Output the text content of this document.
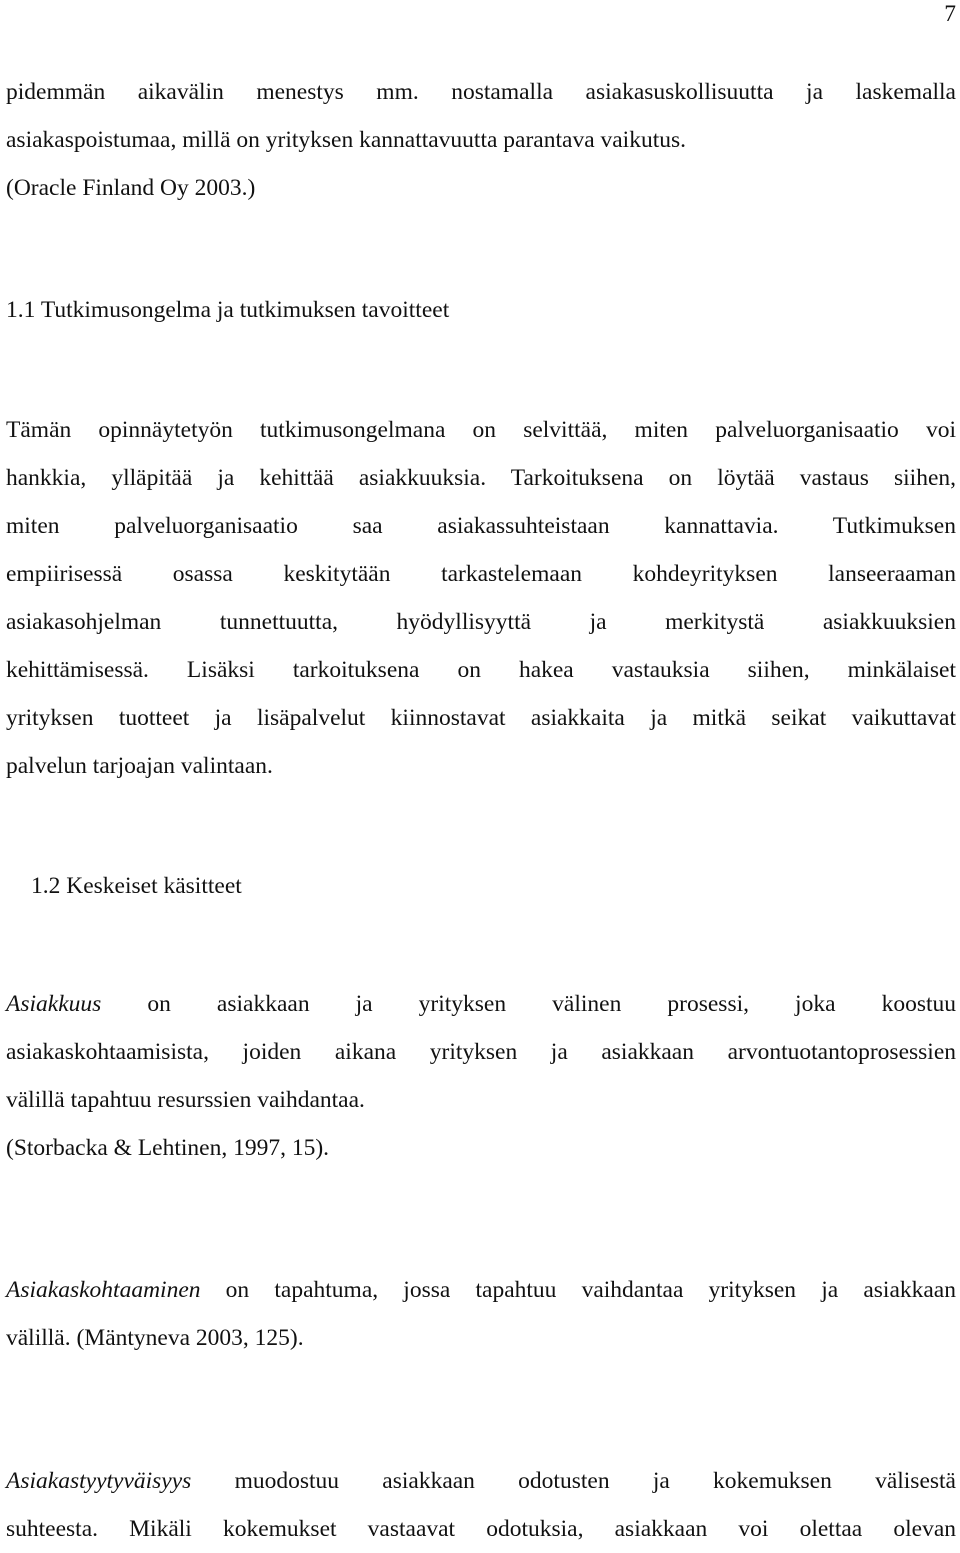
7
pidemmän aikavälin menestys mm. nostamalla asiakasuskollisuutta ja laskemalla
asiakaspoistumaa, millä on yrityksen kannattavuutta parantava vaikutus.
(Oracle Finland Oy 2003.)
1.1 Tutkimusongelma ja tutkimuksen tavoitteet
Tämän opinnäytetyön tutkimusongelmana on selvittää, miten palveluorganisaatio voi
hankkia, ylläpitää ja kehittää asiakkuuksia. Tarkoituksena on löytää vastaus siihen,
miten palveluorganisaatio saa asiakassuhteistaan kannattavia. Tutkimuksen
empiirisessä osassa keskitytään tarkastelemaan kohdeyrityksen lanseeraaman
asiakasohjelman tunnettuutta, hyödyllisyyttä ja merkitystä asiakkuuksien
kehittämisessä. Lisäksi tarkoituksena on hakea vastauksia siihen, minkälaiset
yrityksen tuotteet ja lisäpalvelut kiinnostavat asiakkaita ja mitkä seikat vaikuttavat
palvelun tarjoajan valintaan.
1.2 Keskeiset käsitteet
Asiakkuus on asiakkaan ja yrityksen välinen prosessi, joka koostuu
asiakaskohtaamisista, joiden aikana yrityksen ja asiakkaan arvontuotantoprosessien
välillä tapahtuu resurssien vaihdantaa.
(Storbacka & Lehtinen, 1997, 15).
Asiakaskohtaaminen on tapahtuma, jossa tapahtuu vaihdantaa yrityksen ja asiakkaan
välillä. (Mäntyneva 2003, 125).
Asiakastyytyväisyys muodostuu asiakkaan odotusten ja kokemuksen välisestä
suhteesta. Mikäli kokemukset vastaavat odotuksia, asiakkaan voi olettaa olevan
